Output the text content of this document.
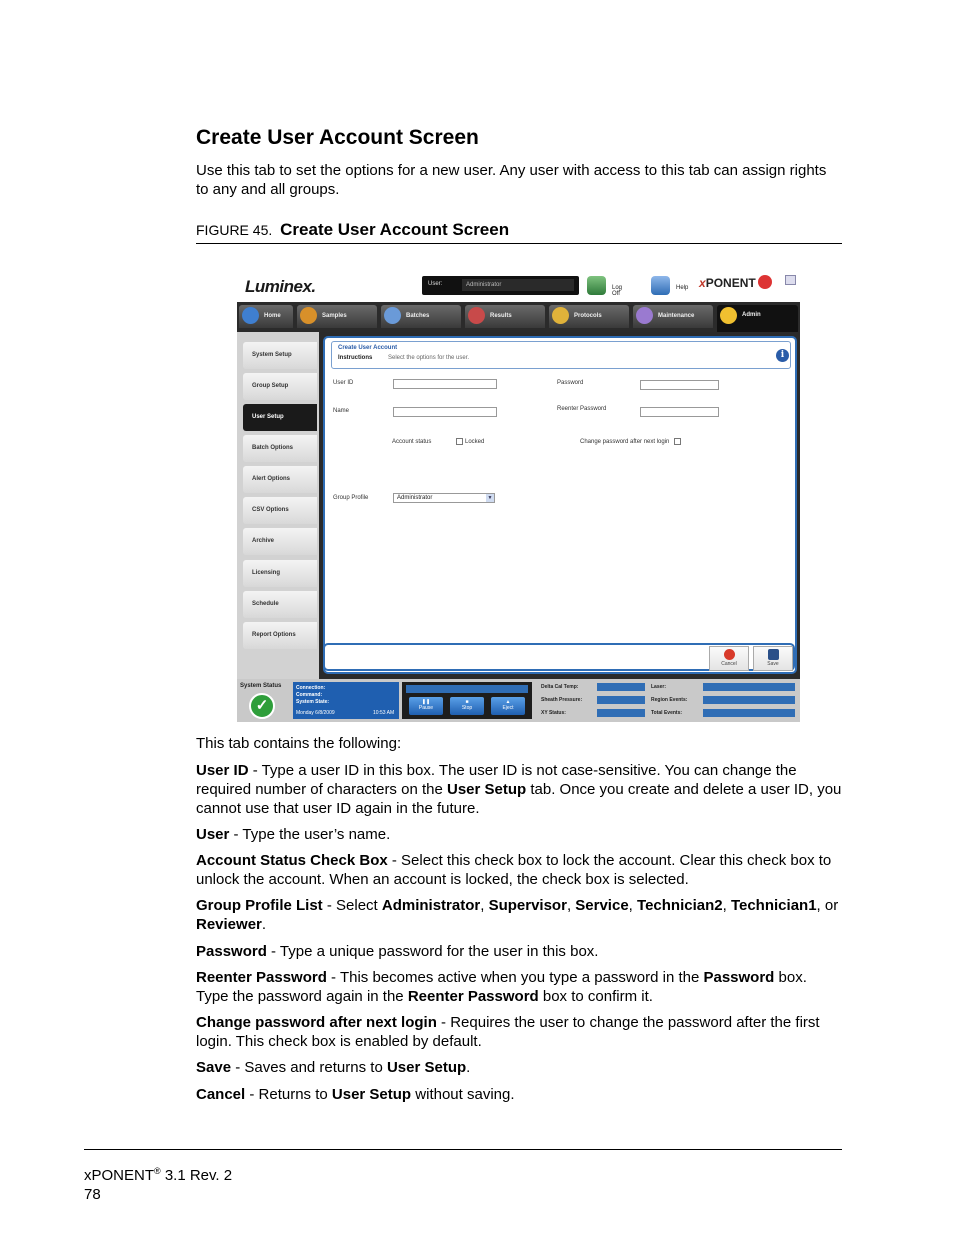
Create User Account Screen

Use this tab to set the options for a new user. Any user with access to this tab can assign rights to any and all groups.

FIGURE 45. Create User Account Screen
Luminex.	User:	Administrator	Log Off
Help xPONENT
Home	Samples	Batches	Results	Protocols	Maintenance	Admin
System Setup
Group Setup
User Setup
Batch Options
Alert Options
CSV Options
Archive
Licensing
Schedule
Report Options
Create User Account
Instructions	Select the options for the user.	i
User ID
Name
Password
Reenter Password
Account status	Locked	Change password after next login
Group Profile	Administrator	▼
Cancel	Save
System Status
✓
Connection:
Command:
System State:
Monday 6/8/2009	10:53 AM
❚❚
Pause
■
Stop
▲
Eject
Delta Cal Temp:
Sheath Pressure:
XY Status:
Laser:
Region Events:
Total Events:

This tab contains the following:

User ID - Type a user ID in this box. The user ID is not case-sensitive. You can change the required number of characters on the User Setup tab. Once you create and delete a user ID, you cannot use that user ID again in the future.

User - Type the user’s name.

Account Status Check Box - Select this check box to lock the account. Clear this check box to unlock the account. When an account is locked, the check box is selected.

Group Profile List - Select Administrator, Supervisor, Service, Technician2, Technician1, or Reviewer.

Password - Type a unique password for the user in this box.

Reenter Password - This becomes active when you type a password in the Password box. Type the password again in the Reenter Password box to confirm it.

Change password after next login - Requires the user to change the password after the first login. This check box is enabled by default.

Save - Saves and returns to User Setup.

Cancel - Returns to User Setup without saving.

xPONENT® 3.1 Rev. 2
78
